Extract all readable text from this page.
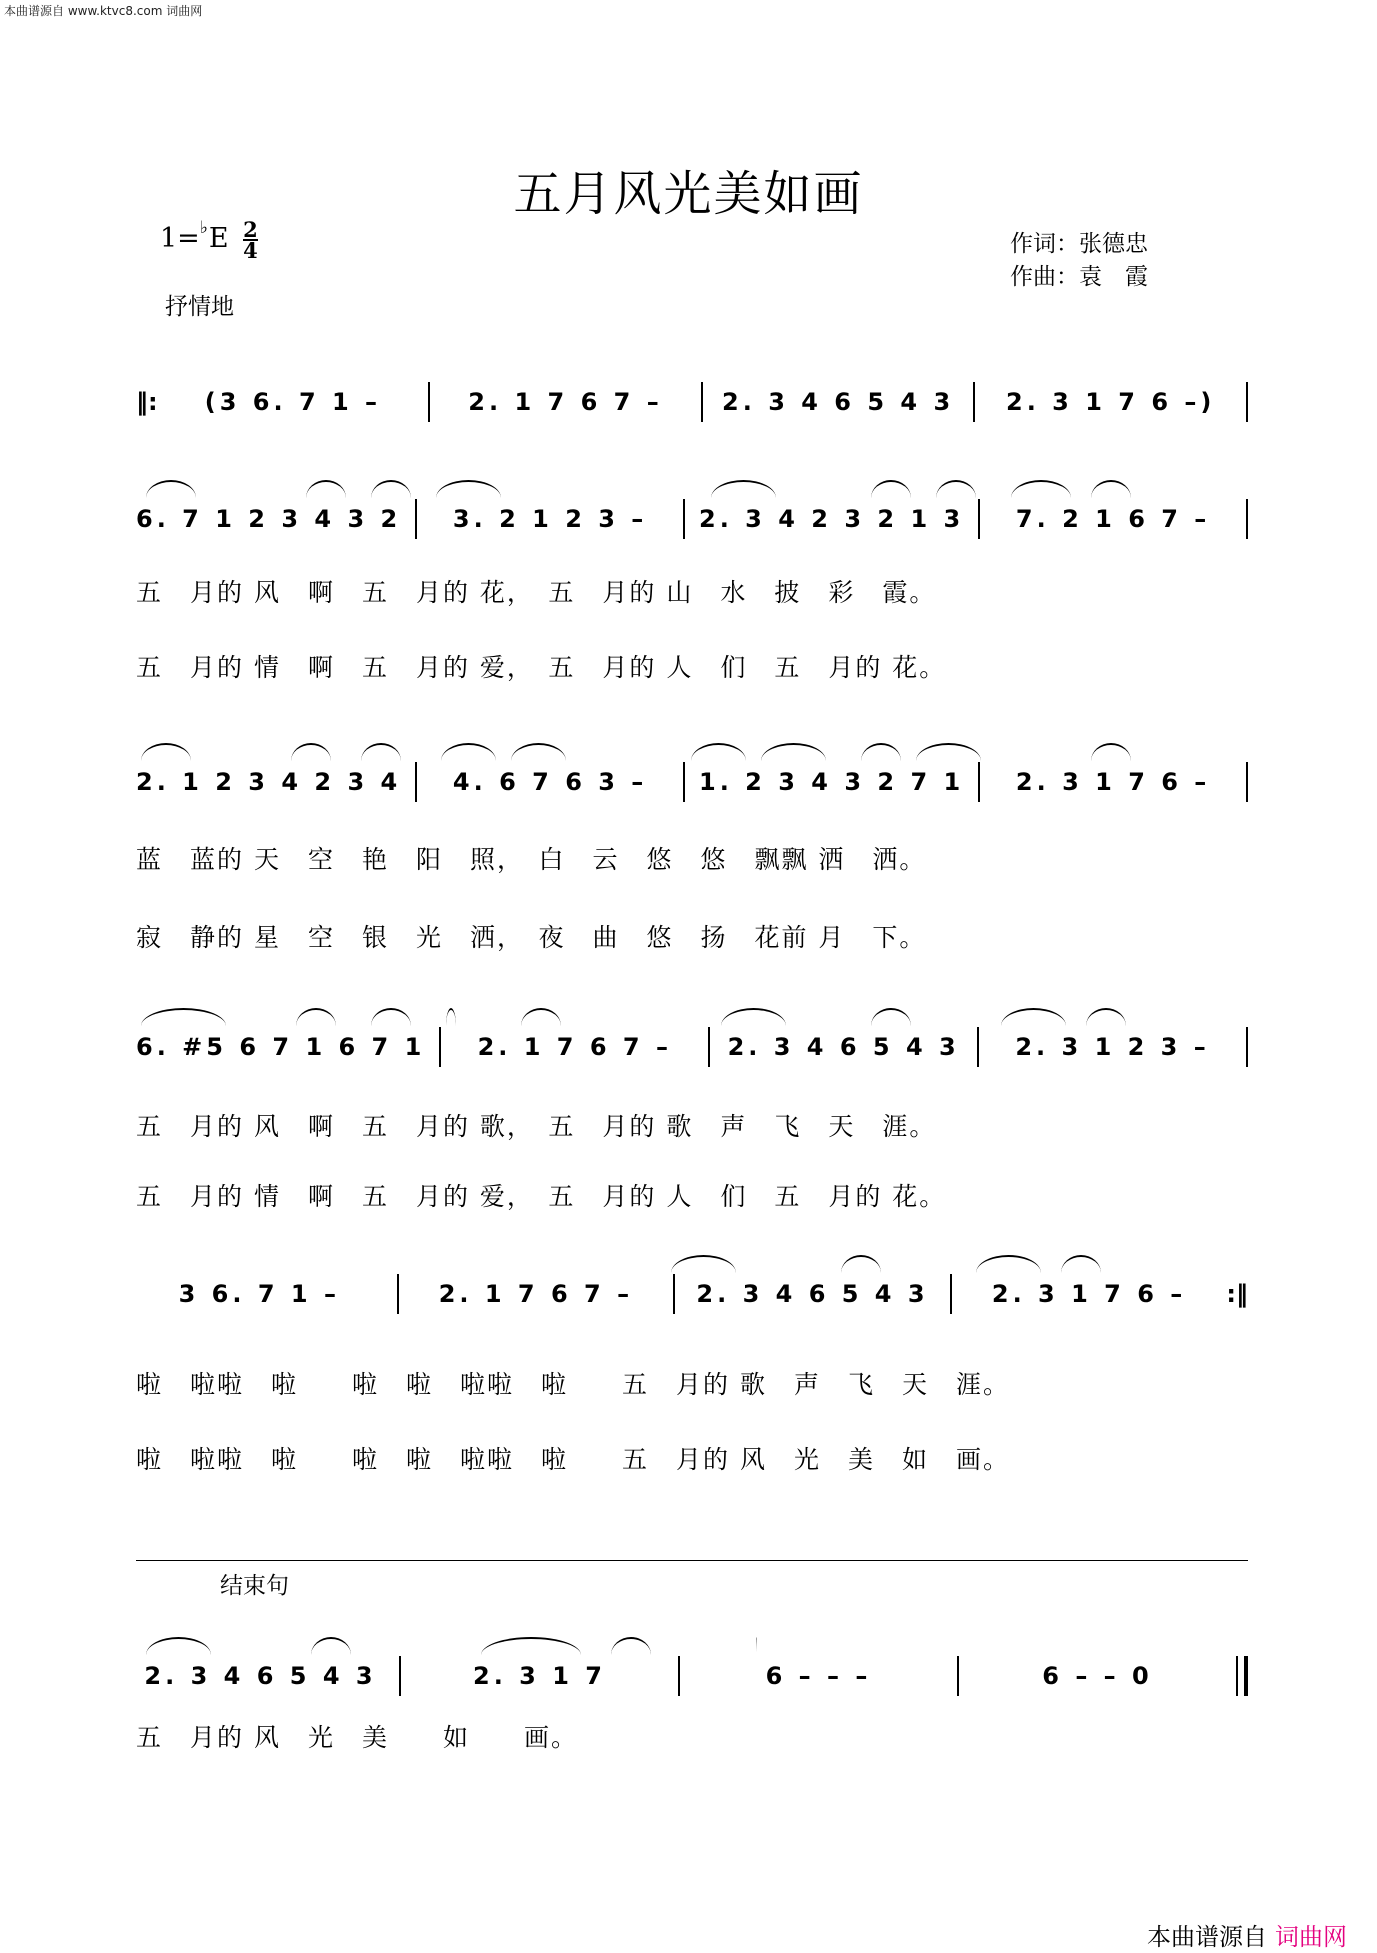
本曲谱源自 www.ktvc8.com 词曲网
五月风光美如画
$1=^♭E \frac{2}{4}$
抒情地
作词：张德忠
作曲：袁　霞
‖: (3 6. 7 1 –	2. 1 7 6 7 – 2. 3 4 6 5 4 3 2. 3 1 7 6 –)
6. 7 1 2 3 4 3 2 3. 2 1 2 3 – 2. 3 4 2 3 2 1 3 7. 2 1 6 7 –
五　月的 风　啊　五　月的 花，　五　月的 山　水　披　彩　霞。
五　月的 情　啊　五　月的 爱，　五　月的 人　们　五　月的 花。
2. 1 2 3 4 2 3 4 4. 6 7 6 3 – 1. 2 3 4 3 2 7 1 2. 3 1 7 6 –
蓝　蓝的 天　空　艳　阳　照，　白　云　悠　悠　飘飘 洒　洒。
寂　静的 星　空　银　光　洒，　夜　曲　悠　扬　花前 月　下。
6. #5 6 7 1 6 7 1 2. 1 7 6 7 – 2. 3 4 6 5 4 3 2. 3 1 2 3 –
五　月的 风　啊　五　月的 歌，　五　月的 歌　声　飞　天　涯。
五　月的 情　啊　五　月的 爱，　五　月的 人　们　五　月的 花。
3 6. 7 1 –	2. 1 7 6 7 –	2. 3 4 6 5 4 3	2. 3 1 7 6 – :‖
啦　啦啦　啦　　啦　啦　啦啦　啦　　五　月的 歌　声　飞　天　涯。
啦　啦啦　啦　　啦　啦　啦啦　啦　　五　月的 风　光　美　如　画。
结束句
2. 3 4 6 5 4 3	2. 3 1 7	6 – – –	6 – – 0
五　月的 风　光　美　　如　　画。
本曲谱源自 词曲网
